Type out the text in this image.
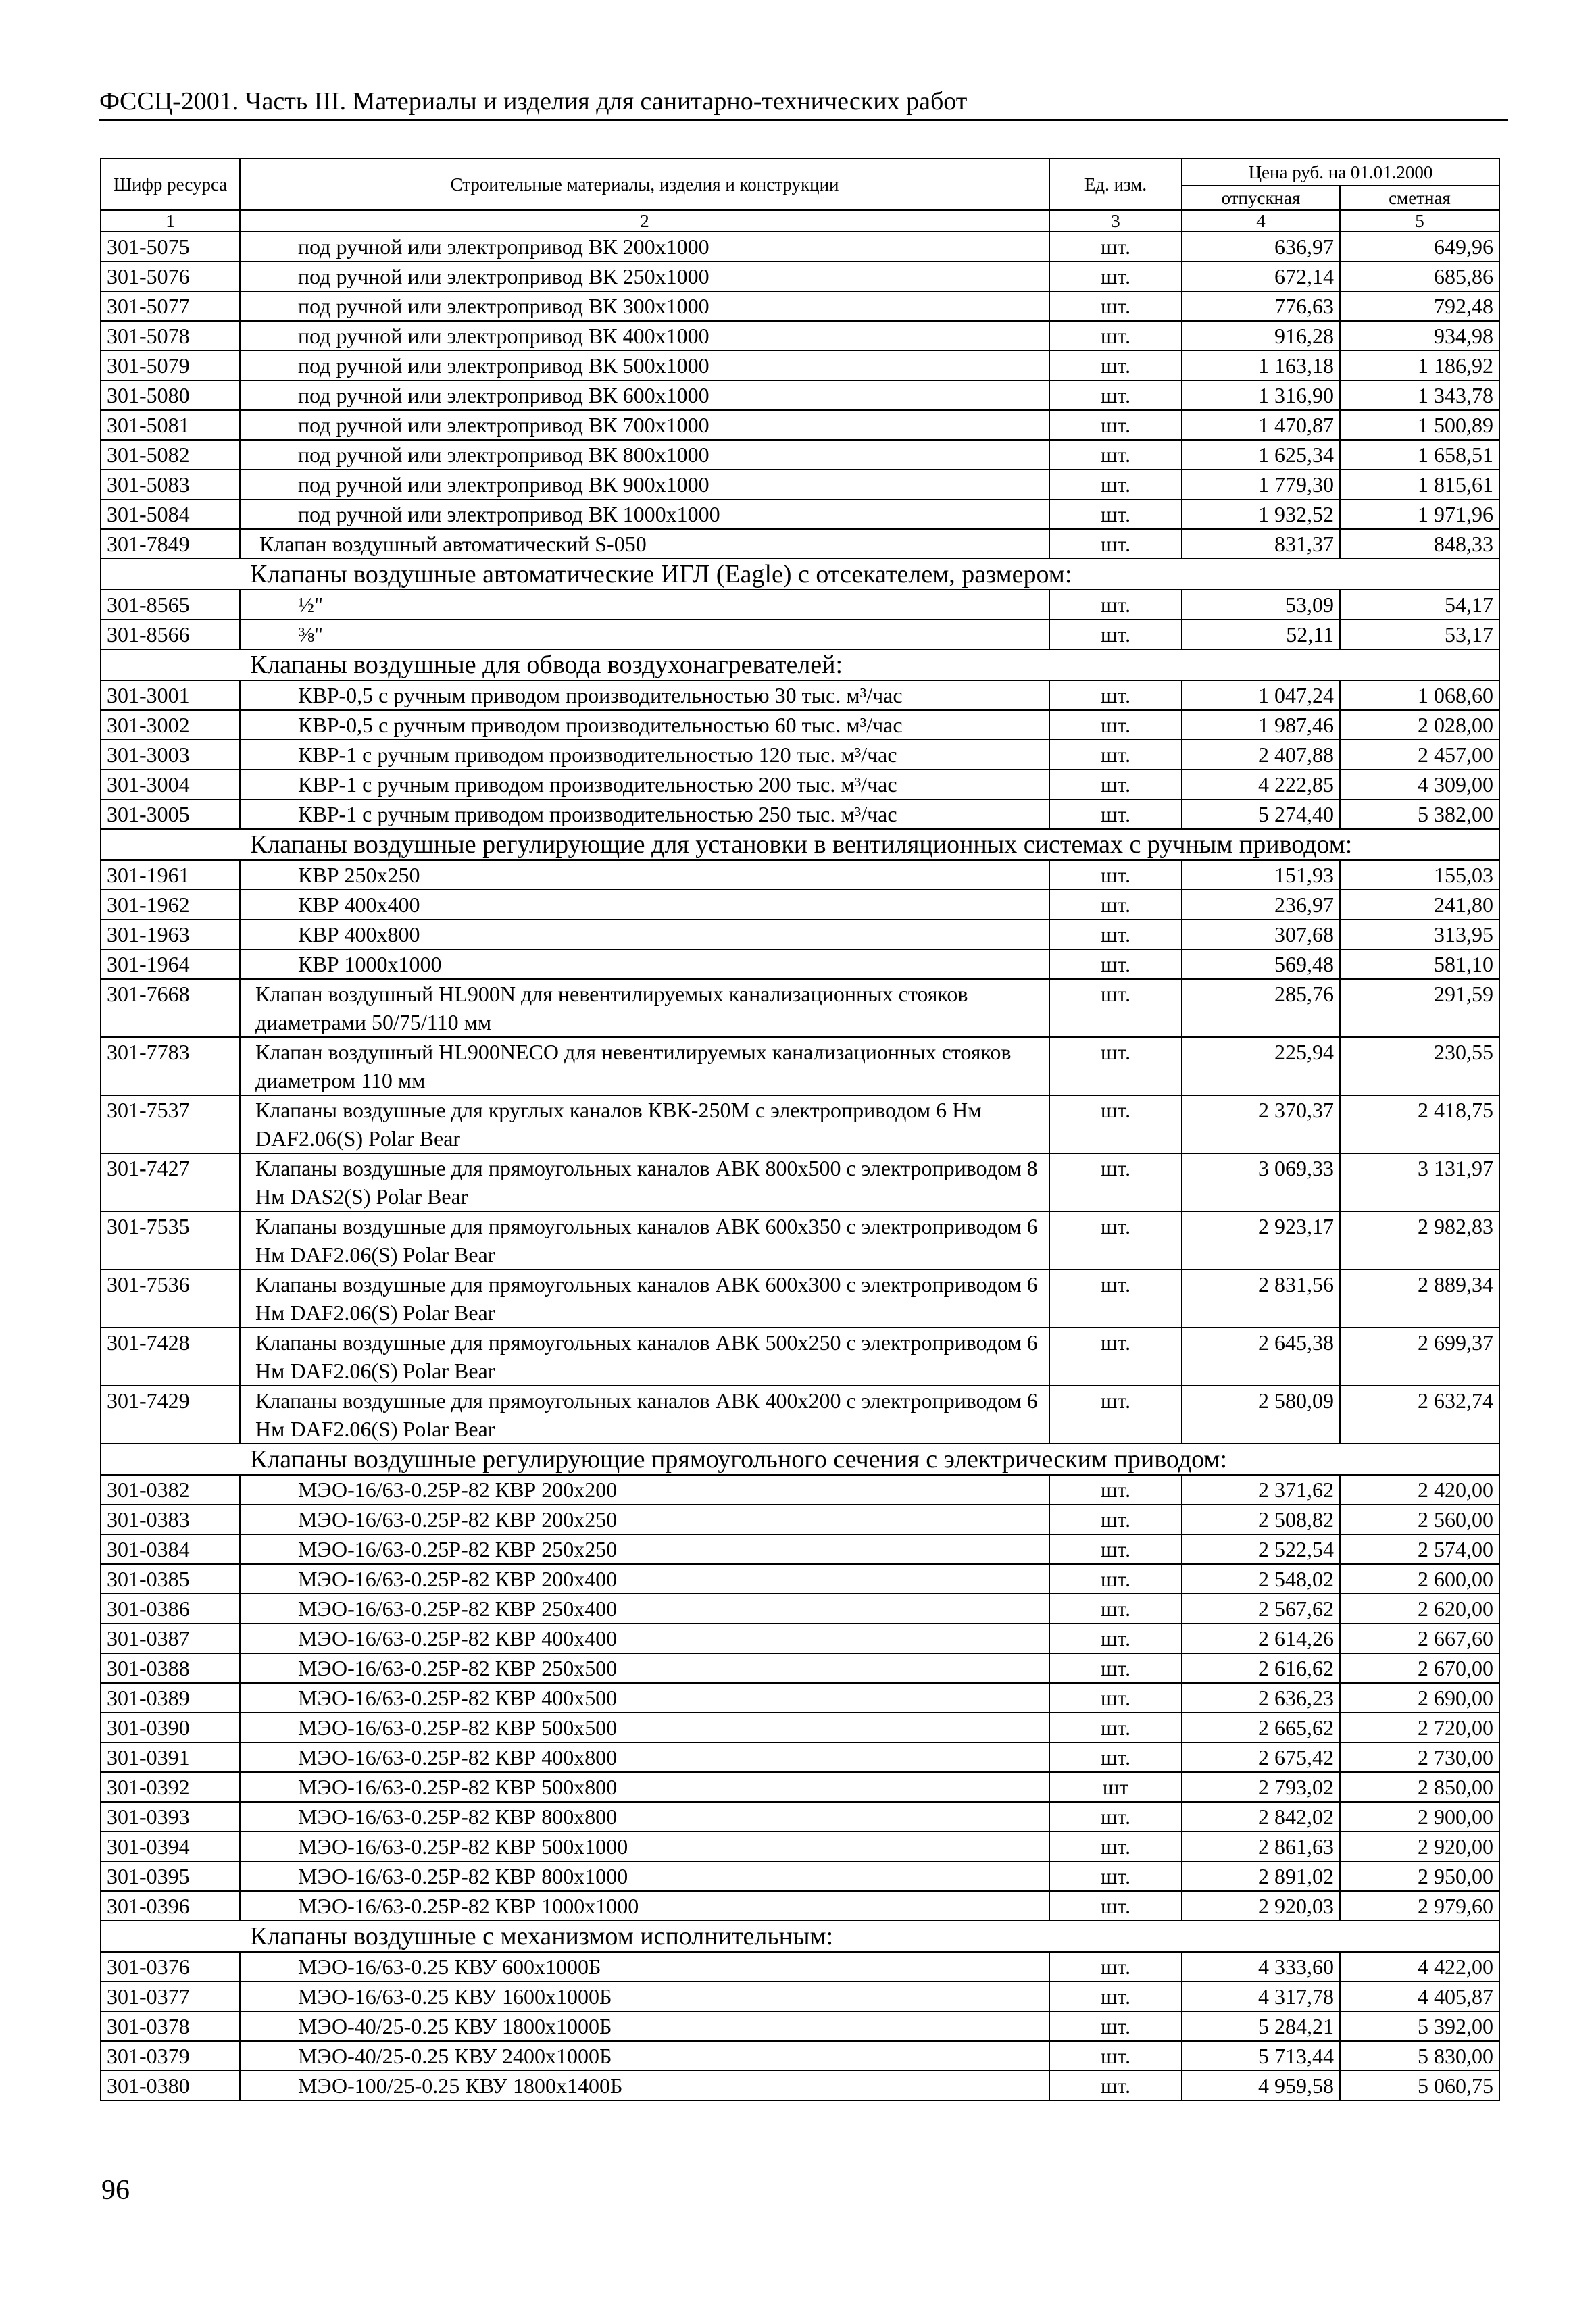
ФССЦ-2001. Часть III. Материалы и изделия для санитарно-технических работ
Шифр ресурса	Строительные материалы, изделия и конструкции	Ед. изм.	Цена руб. на 01.01.2000	
			отпускная	сметная
1	2	3	4	5
301-5075	под ручной или электропривод ВК 200x1000	шт.	636,97	649,96
301-5076	под ручной или электропривод ВК 250x1000	шт.	672,14	685,86
301-5077	под ручной или электропривод ВК 300x1000	шт.	776,63	792,48
301-5078	под ручной или электропривод ВК 400x1000	шт.	916,28	934,98
301-5079	под ручной или электропривод ВК 500x1000	шт.	1 163,18	1 186,92
301-5080	под ручной или электропривод ВК 600x1000	шт.	1 316,90	1 343,78
301-5081	под ручной или электропривод ВК 700x1000	шт.	1 470,87	1 500,89
301-5082	под ручной или электропривод ВК 800x1000	шт.	1 625,34	1 658,51
301-5083	под ручной или электропривод ВК 900x1000	шт.	1 779,30	1 815,61
301-5084	под ручной или электропривод ВК 1000x1000	шт.	1 932,52	1 971,96
301-7849	Клапан воздушный автоматический S-050	шт.	831,37	848,33
Клапаны воздушные автоматические ИГЛ (Eagle) с отсекателем, размером:				
301-8565	½"	шт.	53,09	54,17
301-8566	⅜"	шт.	52,11	53,17
Клапаны воздушные для обвода воздухонагревателей:				
301-3001	КВР-0,5 с ручным приводом производительностью 30 тыс. м³/час	шт.	1 047,24	1 068,60
301-3002	КВР-0,5 с ручным приводом производительностью 60 тыс. м³/час	шт.	1 987,46	2 028,00
301-3003	КВР-1 с ручным приводом производительностью 120 тыс. м³/час	шт.	2 407,88	2 457,00
301-3004	КВР-1 с ручным приводом производительностью 200 тыс. м³/час	шт.	4 222,85	4 309,00
301-3005	КВР-1 с ручным приводом производительностью 250 тыс. м³/час	шт.	5 274,40	5 382,00
Клапаны воздушные регулирующие для установки в вентиляционных системах с ручным приводом:				
301-1961	КВР 250x250	шт.	151,93	155,03
301-1962	КВР 400x400	шт.	236,97	241,80
301-1963	КВР 400x800	шт.	307,68	313,95
301-1964	КВР 1000x1000	шт.	569,48	581,10
301-7668	Клапан воздушный HL900N для невентилируемых канализационных стояков диаметрами 50/75/110 мм	шт.	285,76	291,59
301-7783	Клапан воздушный HL900NECO для невентилируемых канализационных стояков диаметром 110 мм	шт.	225,94	230,55
301-7537	Клапаны воздушные для круглых каналов КВК-250М с электроприводом 6 Нм DAF2.06(S) Polar Bear	шт.	2 370,37	2 418,75
301-7427	Клапаны воздушные для прямоугольных каналов АВК 800x500 с электроприводом 8 Нм DAS2(S) Polar Bear	шт.	3 069,33	3 131,97
301-7535	Клапаны воздушные для прямоугольных каналов АВК 600x350 с электроприводом 6 Нм DAF2.06(S) Polar Bear	шт.	2 923,17	2 982,83
301-7536	Клапаны воздушные для прямоугольных каналов АВК 600x300 с электроприводом 6 Нм DAF2.06(S) Polar Bear	шт.	2 831,56	2 889,34
301-7428	Клапаны воздушные для прямоугольных каналов АВК 500x250 с электроприводом 6 Нм DAF2.06(S) Polar Bear	шт.	2 645,38	2 699,37
301-7429	Клапаны воздушные для прямоугольных каналов АВК 400x200 с электроприводом 6 Нм DAF2.06(S) Polar Bear	шт.	2 580,09	2 632,74
Клапаны воздушные регулирующие прямоугольного сечения с электрическим приводом:				
301-0382	МЭО-16/63-0.25Р-82 КВР 200x200	шт.	2 371,62	2 420,00
301-0383	МЭО-16/63-0.25Р-82 КВР 200x250	шт.	2 508,82	2 560,00
301-0384	МЭО-16/63-0.25Р-82 КВР 250x250	шт.	2 522,54	2 574,00
301-0385	МЭО-16/63-0.25Р-82 КВР 200x400	шт.	2 548,02	2 600,00
301-0386	МЭО-16/63-0.25Р-82 КВР 250x400	шт.	2 567,62	2 620,00
301-0387	МЭО-16/63-0.25Р-82 КВР 400x400	шт.	2 614,26	2 667,60
301-0388	МЭО-16/63-0.25Р-82 КВР 250x500	шт.	2 616,62	2 670,00
301-0389	МЭО-16/63-0.25Р-82 КВР 400x500	шт.	2 636,23	2 690,00
301-0390	МЭО-16/63-0.25Р-82 КВР 500x500	шт.	2 665,62	2 720,00
301-0391	МЭО-16/63-0.25Р-82 КВР 400x800	шт.	2 675,42	2 730,00
301-0392	МЭО-16/63-0.25Р-82 КВР 500x800	шт	2 793,02	2 850,00
301-0393	МЭО-16/63-0.25Р-82 КВР 800x800	шт.	2 842,02	2 900,00
301-0394	МЭО-16/63-0.25Р-82 КВР 500x1000	шт.	2 861,63	2 920,00
301-0395	МЭО-16/63-0.25Р-82 КВР 800x1000	шт.	2 891,02	2 950,00
301-0396	МЭО-16/63-0.25Р-82 КВР 1000x1000	шт.	2 920,03	2 979,60
Клапаны воздушные с механизмом исполнительным:				
301-0376	МЭО-16/63-0.25 КВУ 600x1000Б	шт.	4 333,60	4 422,00
301-0377	МЭО-16/63-0.25 КВУ 1600x1000Б	шт.	4 317,78	4 405,87
301-0378	МЭО-40/25-0.25 КВУ 1800x1000Б	шт.	5 284,21	5 392,00
301-0379	МЭО-40/25-0.25 КВУ 2400x1000Б	шт.	5 713,44	5 830,00
301-0380	МЭО-100/25-0.25 КВУ 1800x1400Б	шт.	4 959,58	5 060,75
96
